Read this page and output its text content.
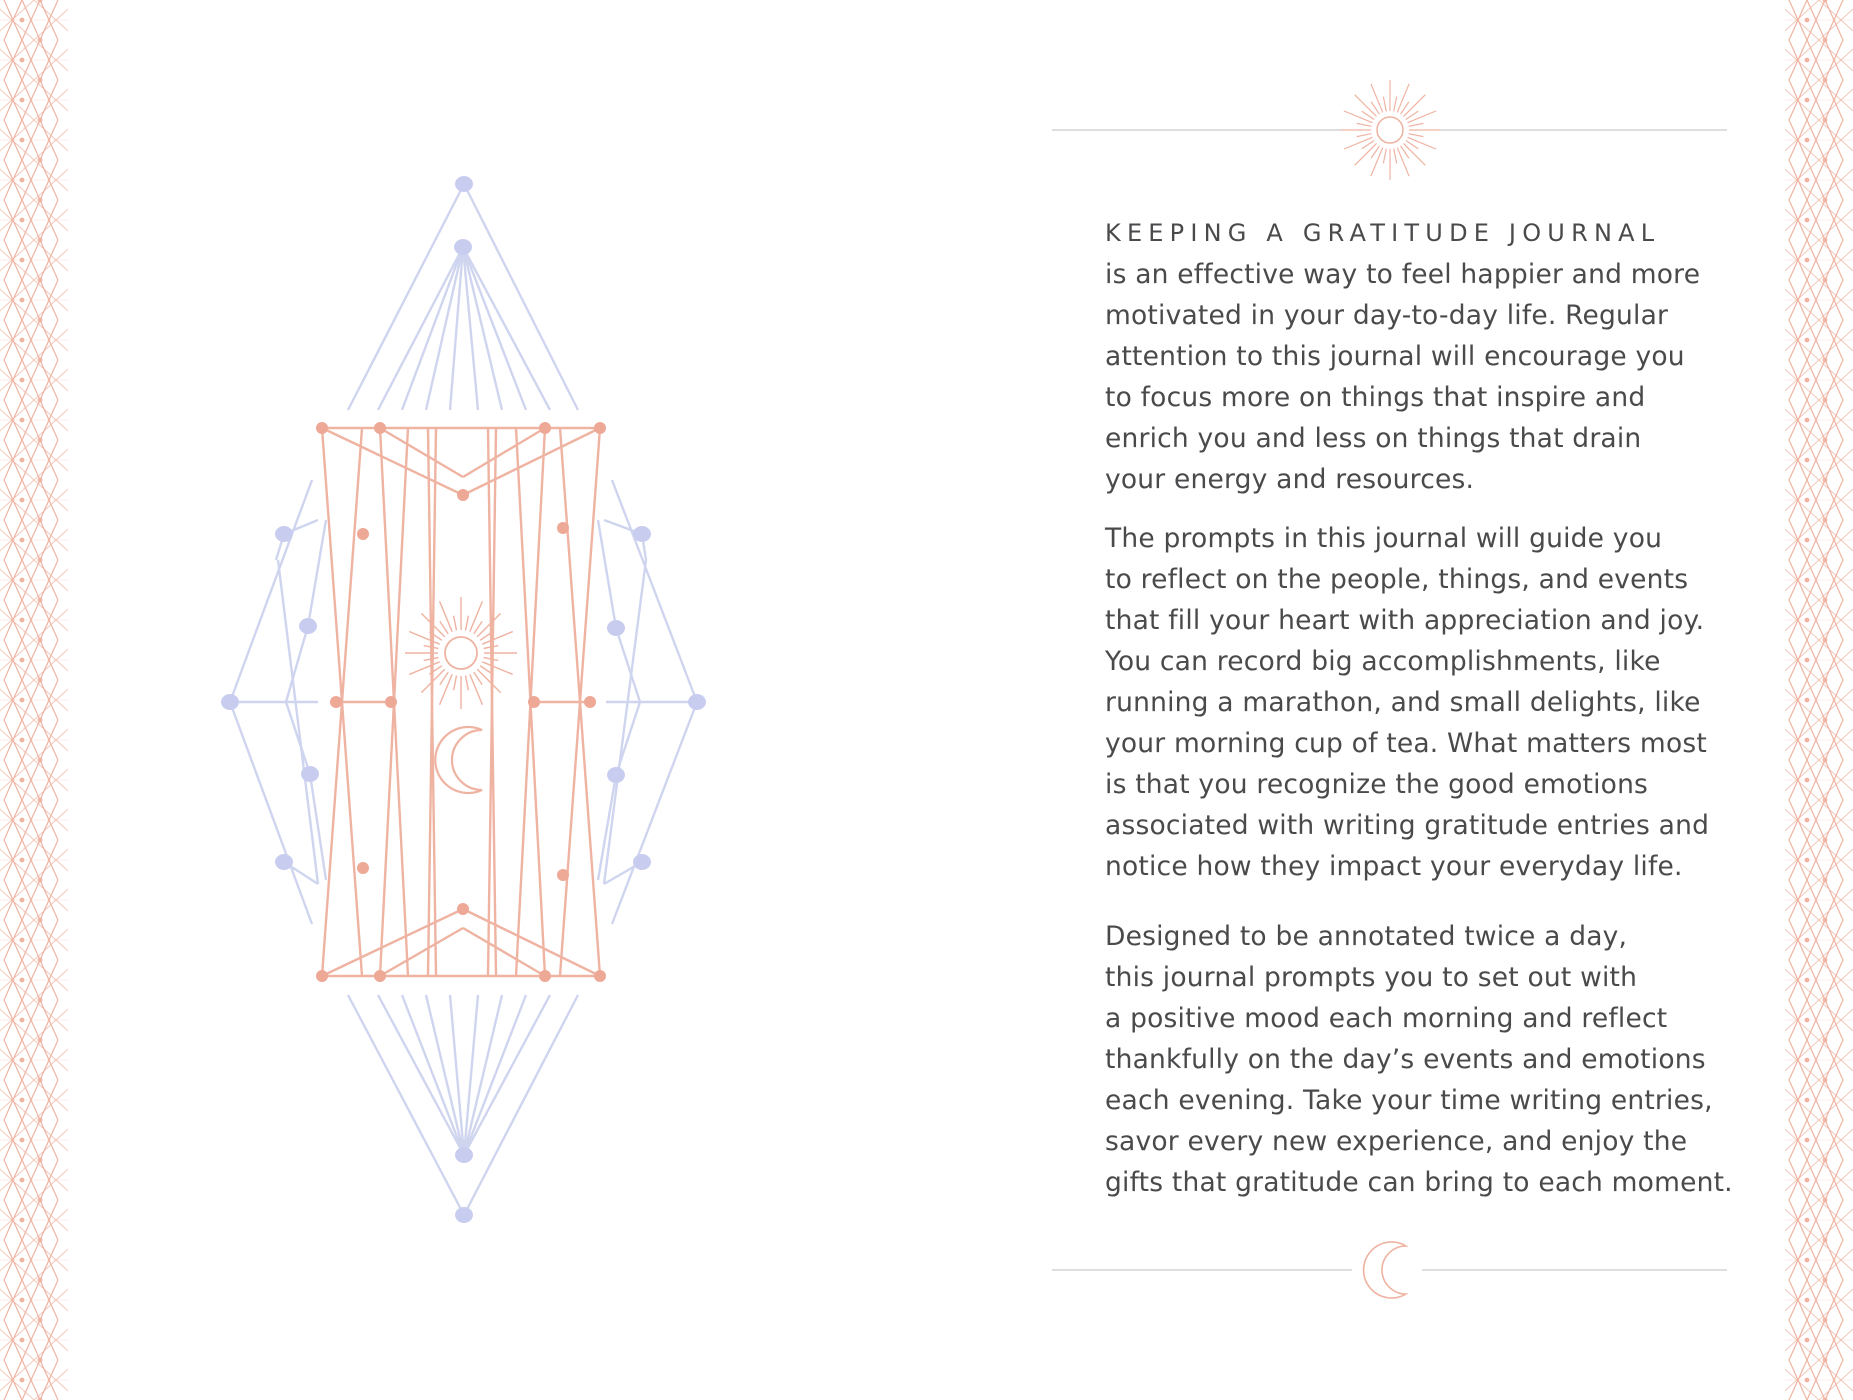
KEEPING A GRATITUDE JOURNAL
is an effective way to feel happier and more
motivated in your day-to-day life. Regular
attention to this journal will encourage you
to focus more on things that inspire and
enrich you and less on things that drain
your energy and resources.
The prompts in this journal will guide you
to reflect on the people, things, and events
that fill your heart with appreciation and joy.
You can record big accomplishments, like
running a marathon, and small delights, like
your morning cup of tea. What matters most
is that you recognize the good emotions
associated with writing gratitude entries and
notice how they impact your everyday life.
Designed to be annotated twice a day,
this journal prompts you to set out with
a positive mood each morning and reflect
thankfully on the day’s events and emotions
each evening. Take your time writing entries,
savor every new experience, and enjoy the
gifts that gratitude can bring to each moment.
